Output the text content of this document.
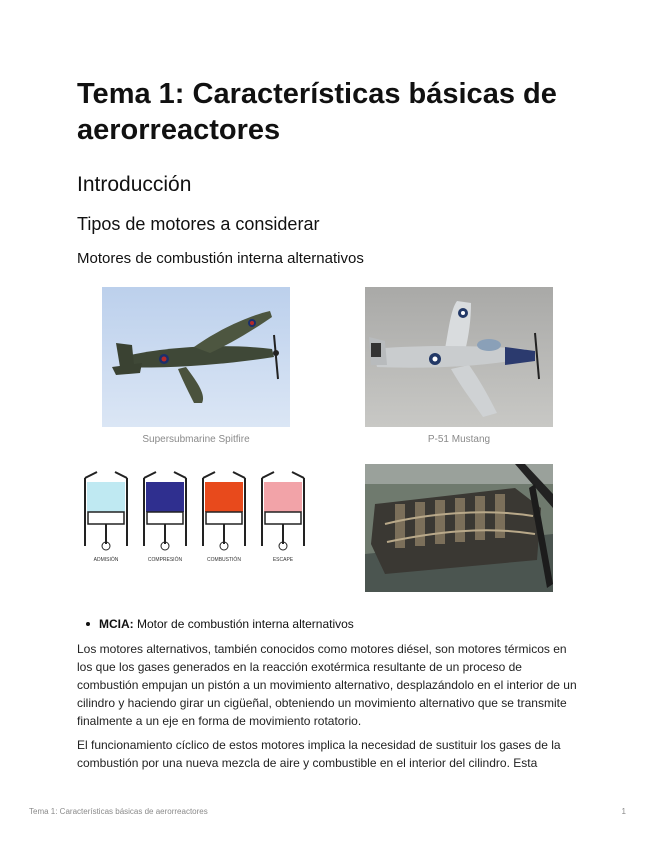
Tema 1: Características básicas de aerorreactores
Introducción
Tipos de motores a considerar
Motores de combustión interna alternativos
Supersubmarine Spitfire	P-51 Mustang
ADMISIÓN	COMPRESIÓN	COMBUSTIÓN	ESCAPE
MCIA: Motor de combustión interna alternativos

Los motores alternativos, también conocidos como motores diésel, son motores térmicos en los que los gases generados en la reacción exotérmica resultante de un proceso de combustión empujan un pistón a un movimiento alternativo, desplazándolo en el interior de un cilindro y haciendo girar un cigüeñal, obteniendo un movimiento alternativo que se transmite finalmente a un eje en forma de movimiento rotatorio.

El funcionamiento cíclico de estos motores implica la necesidad de sustituir los gases de la combustión por una nueva mezcla de aire y combustible en el interior del cilindro. Esta

Tema 1: Características básicas de aerorreactores	1
